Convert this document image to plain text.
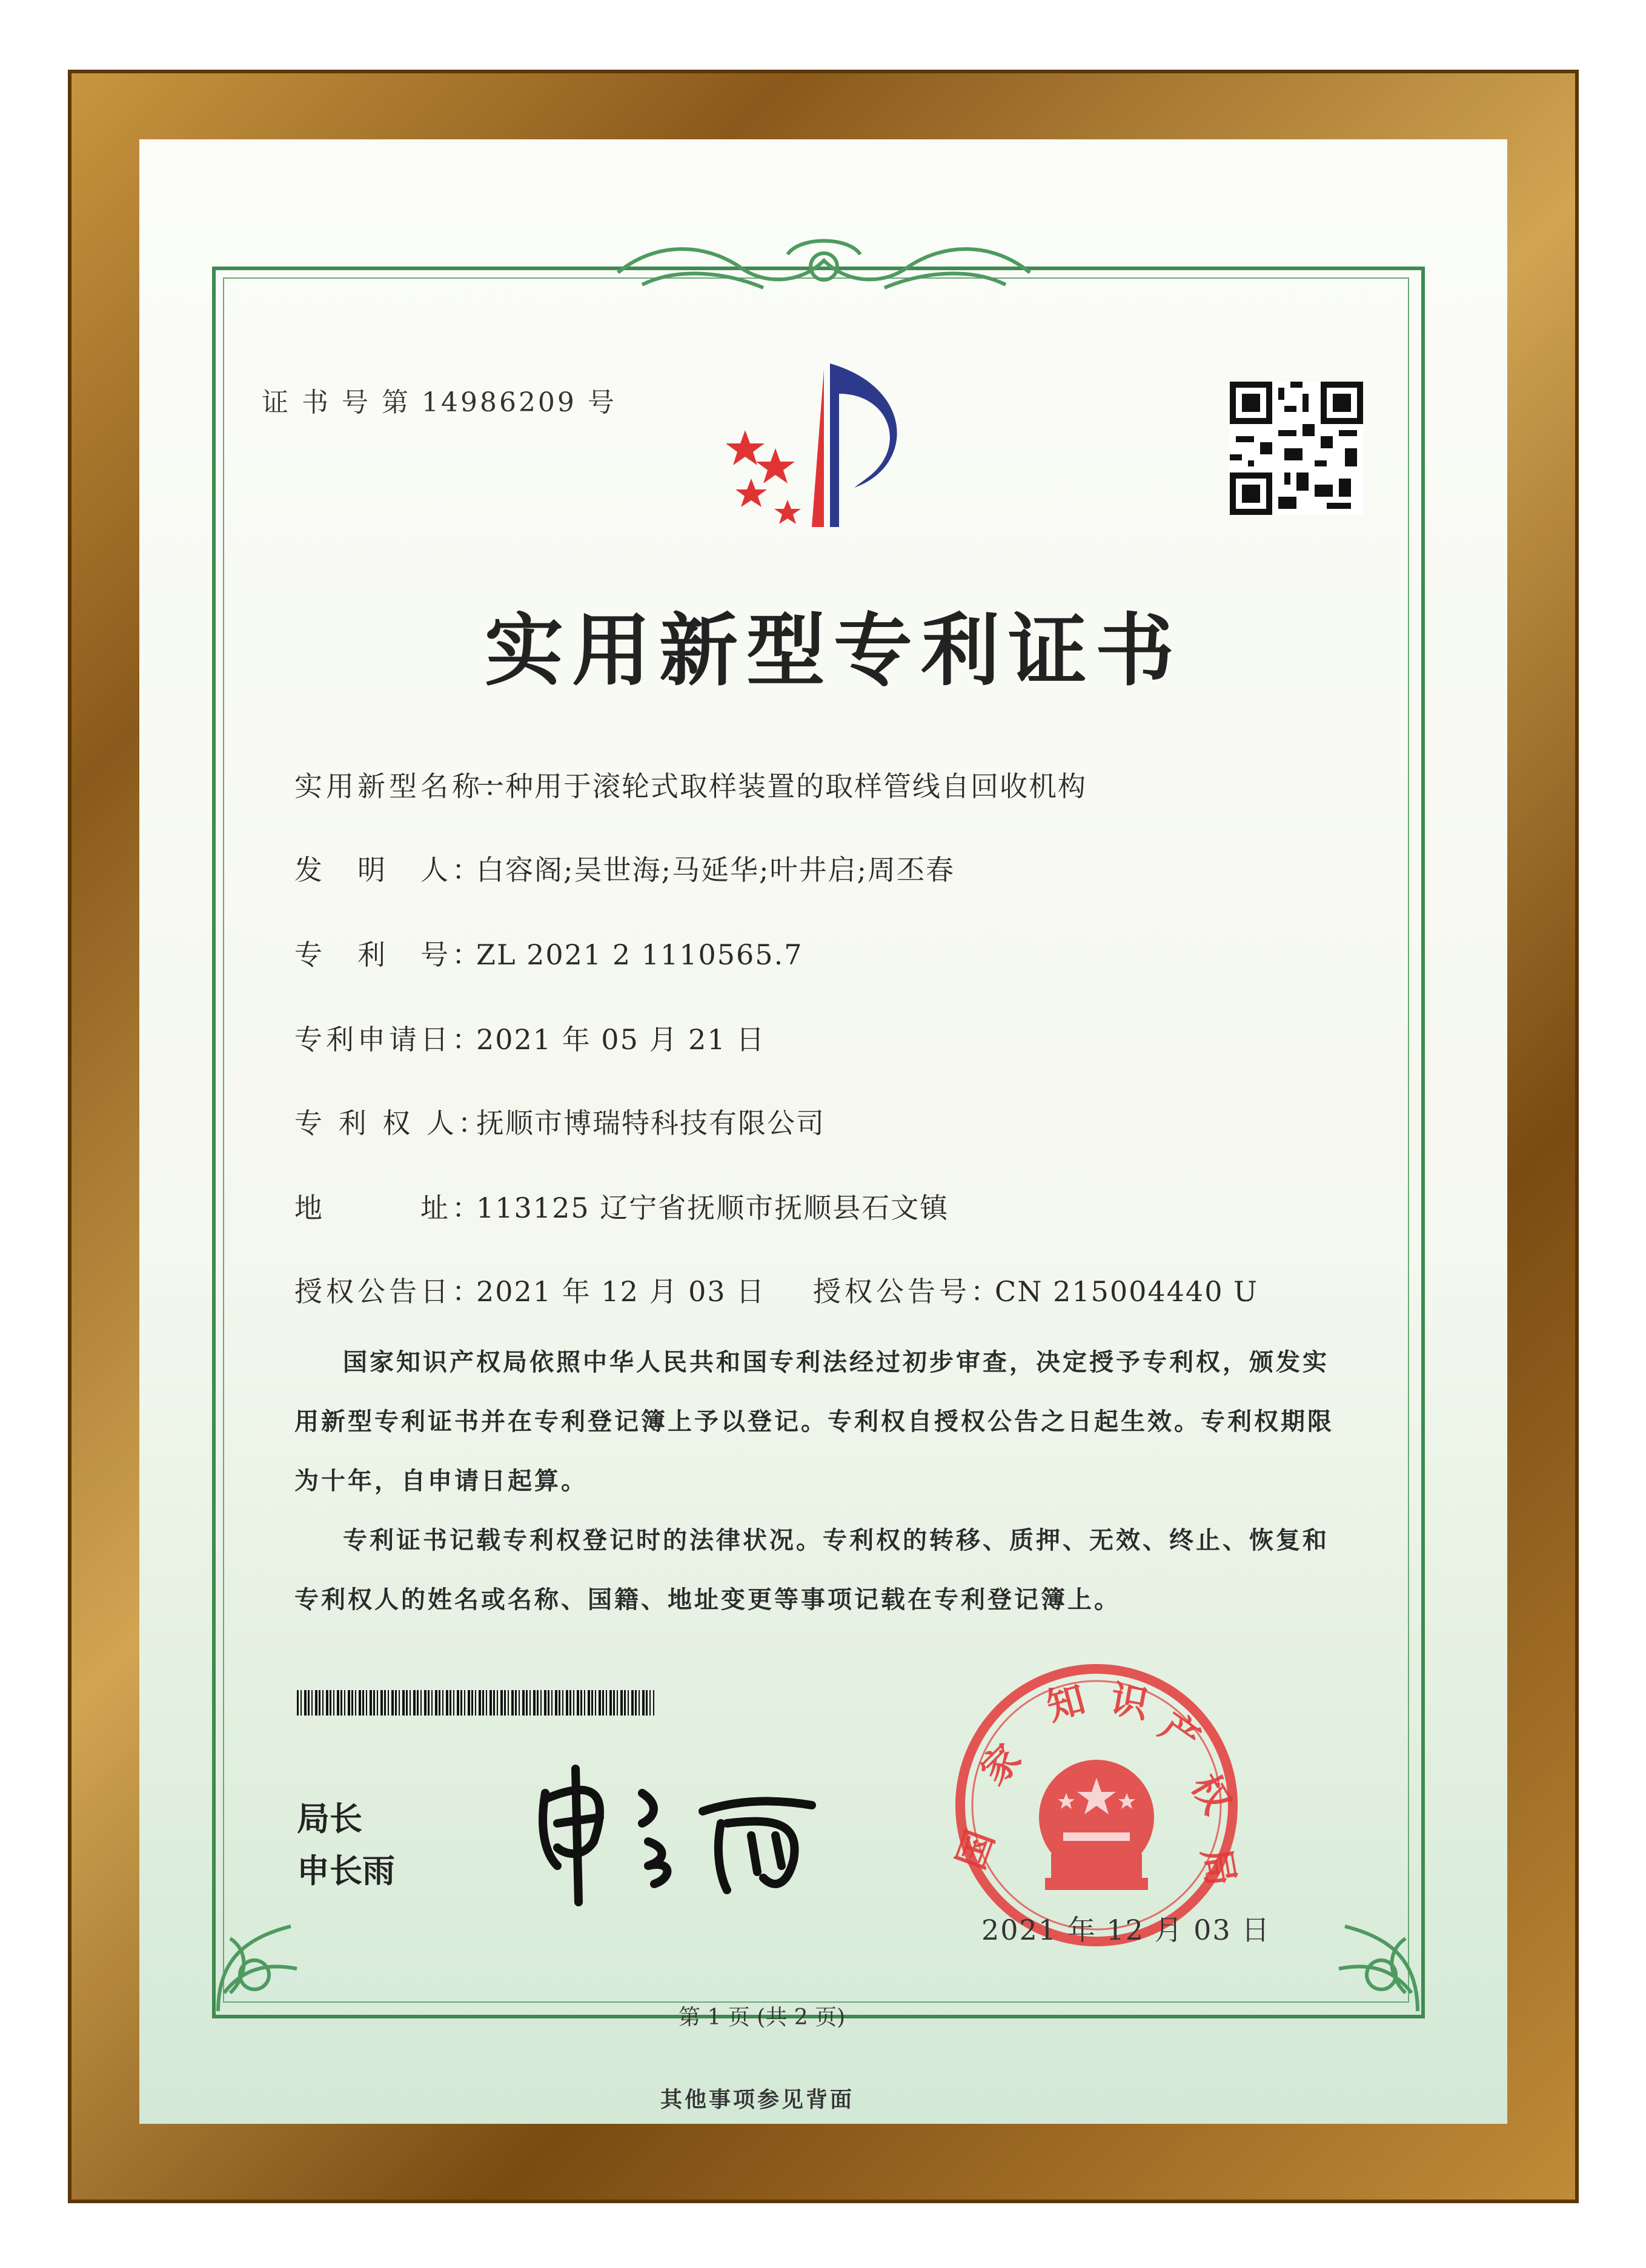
证 书 号 第 14986209 号
实用新型专利证书
实用新型名称：一种用于滚轮式取样装置的取样管线自回收机构
发　明　人：白容阁;吴世海;马延华;叶井启;周丕春
专　利　号：ZL 2021 2 1110565.7
专利申请日：2021 年 05 月 21 日
专 利 权 人：抚顺市博瑞特科技有限公司
地　　　址：113125 辽宁省抚顺市抚顺县石文镇
授权公告日：2021 年 12 月 03 日 授权公告号：CN 215004440 U

国家知识产权局依照中华人民共和国专利法经过初步审查，决定授予专利权，颁发实用新型专利证书并在专利登记簿上予以登记。专利权自授权公告之日起生效。专利权期限为十年，自申请日起算。

专利证书记载专利权登记时的法律状况。专利权的转移、质押、无效、终止、恢复和专利权人的姓名或名称、国籍、地址变更等事项记载在专利登记簿上。

局长
申长雨	国
家
知 识
产
权
局
2021 年 12 月 03 日
第 1 页 (共 2 页)
其他事项参见背面
